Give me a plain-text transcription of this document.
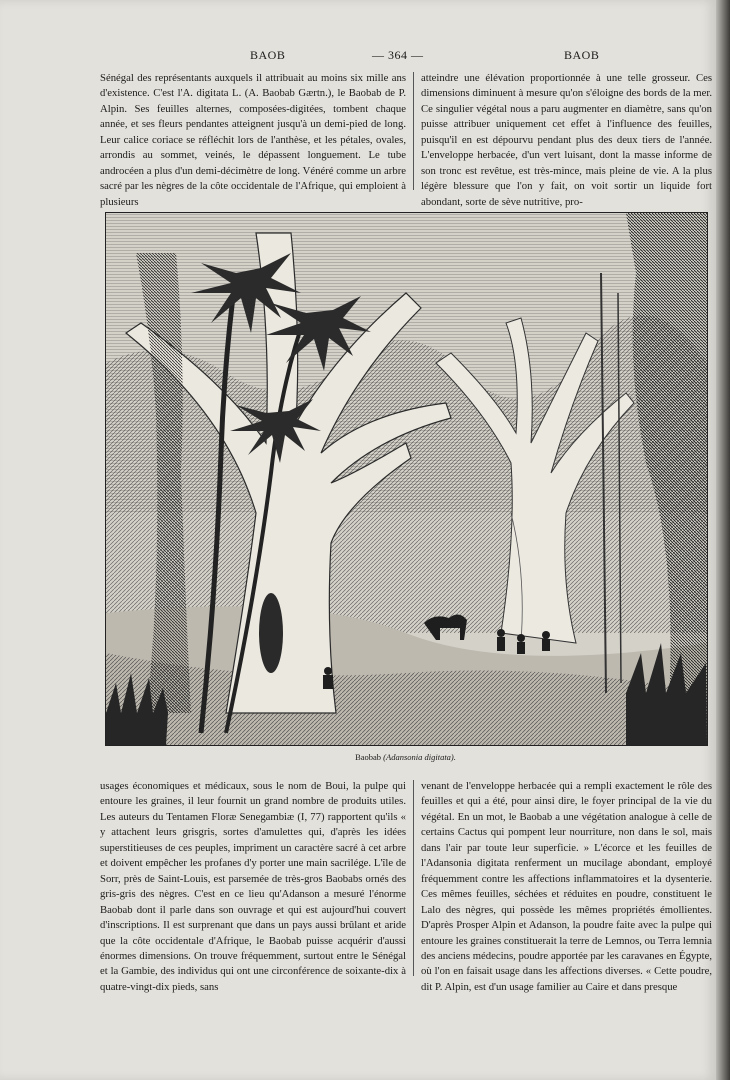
BAOB	— 364 —	BAOB

Sénégal des représentants auxquels il attribuait au moins six mille ans d'existence. C'est l'A. digitata L. (A. Baobab Gærtn.), le Baobab de P. Alpin. Ses feuilles alternes, composées-digitées, tombent chaque année, et ses fleurs pendantes atteignent jusqu'à un demi-pied de long. Leur calice coriace se réfléchit lors de l'anthèse, et les pétales, ovales, arrondis au sommet, veinés, le dépassent longuement. Le tube androcéen a plus d'un demi-décimètre de long. Vénéré comme un arbre sacré par les nègres de la côte occidentale de l'Afrique, qui emploient à plusieurs

atteindre une élévation proportionnée à une telle grosseur. Ces dimensions diminuent à mesure qu'on s'éloigne des bords de la mer. Ce singulier végétal nous a paru augmenter en diamètre, sans qu'on puisse attribuer uniquement cet effet à l'influence des feuilles, puisqu'il en est dépourvu pendant plus des deux tiers de l'année. L'enveloppe herbacée, d'un vert luisant, dont la masse informe de son tronc est revêtue, est très-mince, mais pleine de vie. A la plus légère blessure que l'on y fait, on voit sortir un liquide fort abondant, sorte de sève nutritive, pro-

Baobab (Adansonia digitata).

usages économiques et médicaux, sous le nom de Boui, la pulpe qui entoure les graines, il leur fournit un grand nombre de produits utiles. Les auteurs du Tentamen Floræ Senegambiæ (I, 77) rapportent qu'ils « y attachent leurs grisgris, sortes d'amulettes qui, d'après les idées superstitieuses de ces peuples, impriment un caractère sacré à cet arbre et doivent empêcher les profanes d'y porter une main sacrilége. L'île de Sorr, près de Saint-Louis, est parsemée de très-gros Baobabs ornés des gris-gris des nègres. C'est en ce lieu qu'Adanson a mesuré l'énorme Baobab dont il parle dans son ouvrage et qui est aujourd'hui couvert d'inscriptions. Il est surprenant que dans un pays aussi brûlant et aride que la côte occidentale d'Afrique, le Baobab puisse acquérir d'aussi énormes dimensions. On trouve fréquemment, surtout entre le Sénégal et la Gambie, des individus qui ont une circonférence de soixante-dix à quatre-vingt-dix pieds, sans

venant de l'enveloppe herbacée qui a rempli exactement le rôle des feuilles et qui a été, pour ainsi dire, le foyer principal de la vie du végétal. En un mot, le Baobab a une végétation analogue à celle de certains Cactus qui pompent leur nourriture, non dans le sol, mais dans l'air par toute leur superficie. » L'écorce et les feuilles de l'Adansonia digitata renferment un mucilage abondant, employé fréquemment contre les affections inflammatoires et la dysenterie. Ces mêmes feuilles, séchées et réduites en poudre, constituent le Lalo des nègres, qui possède les mêmes propriétés émollientes. D'après Prosper Alpin et Adanson, la poudre faite avec la pulpe qui entoure les graines constituerait la terre de Lemnos, ou Terra lemnia des anciens médecins, poudre apportée par les caravanes en Égypte, où l'on en faisait usage dans les affections diverses. « Cette poudre, dit P. Alpin, est d'un usage familier au Caire et dans presque
